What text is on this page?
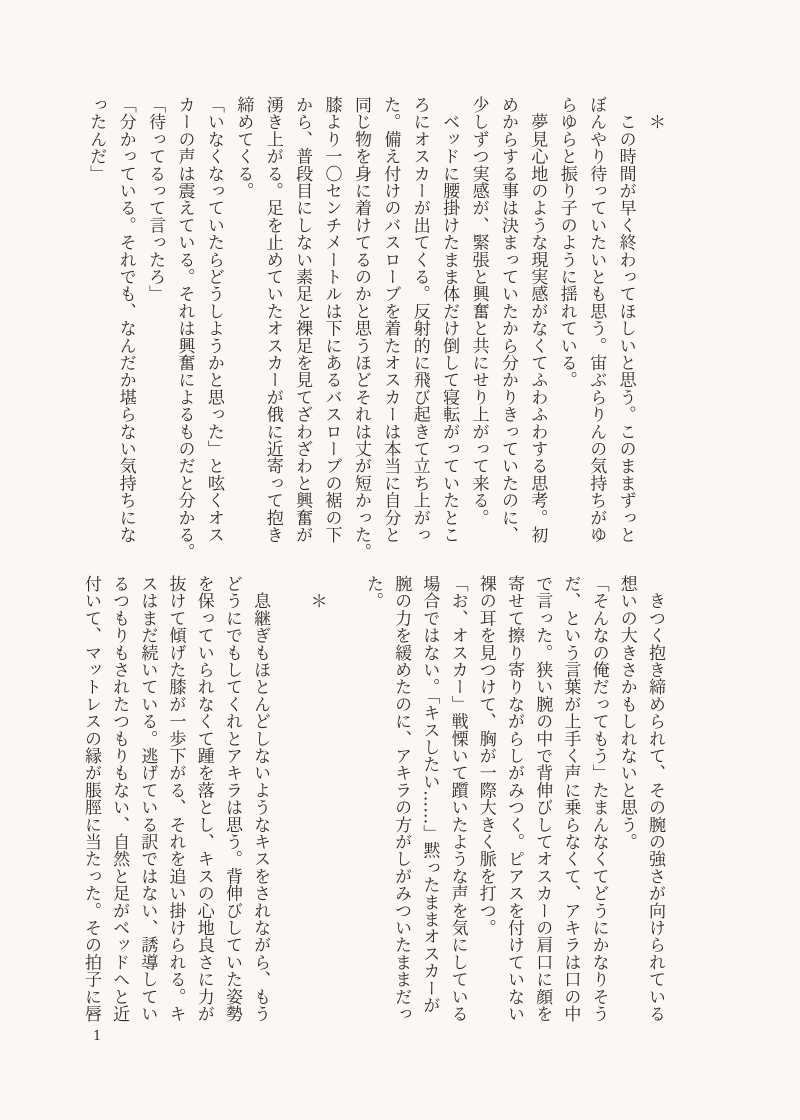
　＊
　この時間が早く終わってほしいと思う。このままずっと
ぼんやり待っていたいとも思う。宙ぶらりんの気持ちがゆ
らゆらと振り子のように揺れている。
　夢見心地のような現実感がなくてふわふわする思考。初
めからする事は決まっていたから分かりきっていたのに、
少しずつ実感が、緊張と興奮と共にせり上がって来る。
　ベッドに腰掛けたまま体だけ倒して寝転がっていたとこ
ろにオスカーが出てくる。反射的に飛び起きて立ち上がっ
た。備え付けのバスローブを着たオスカーは本当に自分と
同じ物を身に着けてるのかと思うほどそれは丈が短かった。
膝より一〇センチメートルは下にあるバスローブの裾の下
から、普段目にしない素足と裸足を見てざわざわと興奮が
湧き上がる。足を止めていたオスカーが俄に近寄って抱き
締めてくる。
「いなくなっていたらどうしようかと思った」と呟くオス
カーの声は震えている。それは興奮によるものだと分かる。
「待ってるって言ったろ」
「分かっている。それでも、なんだか堪らない気持ちにな
ったんだ」
　きつく抱き締められて、その腕の強さが向けられている
想いの大きさかもしれないと思う。
「そんなの俺だってもう」たまんなくてどうにかなりそう
だ、という言葉が上手く声に乗らなくて、アキラは口の中
で言った。狭い腕の中で背伸びしてオスカーの肩口に顔を
寄せて擦り寄りながらしがみつく。ピアスを付けていない
裸の耳を見つけて、胸が一際大きく脈を打つ。
「お、オスカー」戦慄いて躓いたような声を気にしている
場合ではない。「キスしたい……」黙ったままオスカーが
腕の力を緩めたのに、アキラの方がしがみついたままだっ
た。
　＊
　息継ぎもほとんどしないようなキスをされながら、もう
どうにでもしてくれとアキラは思う。背伸びしていた姿勢
を保っていられなくて踵を落とし、キスの心地良さに力が
抜けて傾げた膝が一歩下がる、それを追い掛けられる。キ
スはまだ続いている。逃げている訳ではない、誘導してい
るつもりもされたつもりもない、自然と足がベッドへと近
付いて、マットレスの縁が脹脛に当たった。その拍子に唇
1
